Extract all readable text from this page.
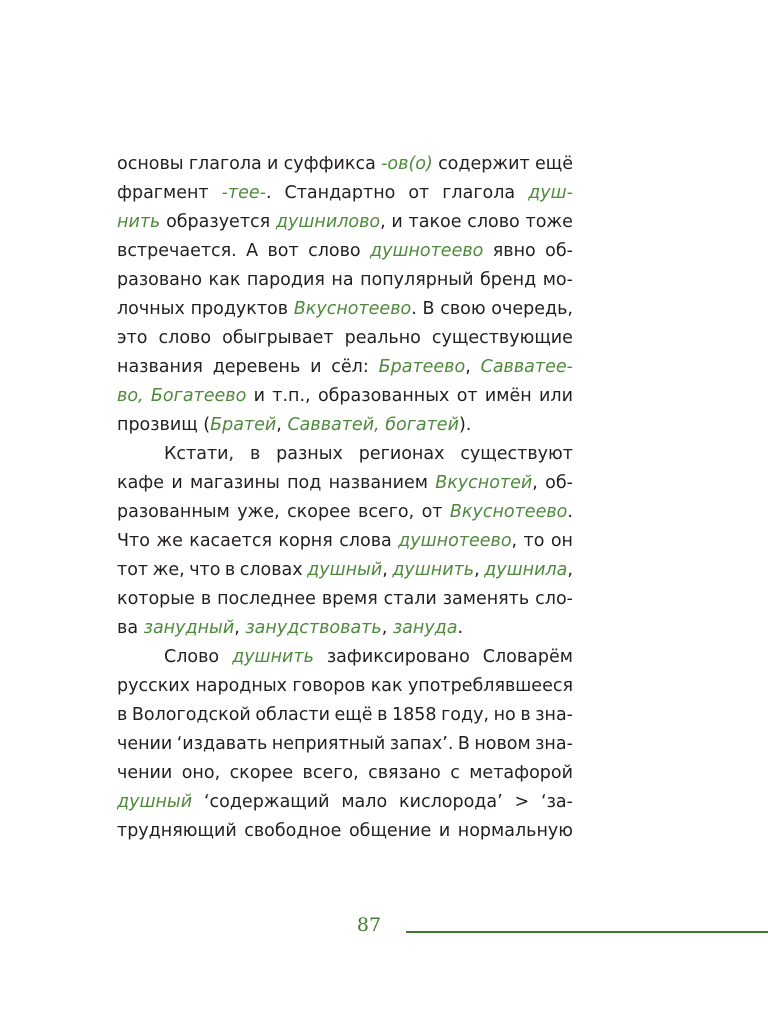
основы глагола и суффикса -ов(о) содержит ещё
фрагмент -тее-. Стандартно от глагола душ-
нить образуется душнилово, и такое слово тоже
встречается. А вот слово душнотеево явно об-
разовано как пародия на популярный бренд мо-
лочных продуктов Вкуснотеево. В свою очередь,
это слово обыгрывает реально существующие
названия деревень и сёл: Братеево, Савватее-
во, Богатеево и т.п., образованных от имён или
прозвищ (Братей, Савватей, богатей).
Кстати, в разных регионах существуют
кафе и магазины под названием Вкуснотей, об-
разованным уже, скорее всего, от Вкуснотеево.
Что же касается корня слова душнотеево, то он
тот же, что в словах душный, душнить, душнила,
которые в последнее время стали заменять сло-
ва занудный, занудствовать, зануда.
Слово душнить зафиксировано Словарём
русских народных говоров как употреблявшееся
в Вологодской области ещё в 1858 году, но в зна-
чении ‘издавать неприятный запах’. В новом зна-
чении оно, скорее всего, связано с метафорой
душный ‘содержащий мало кислорода’ > ‘за-
трудняющий свободное общение и нормальную
87
